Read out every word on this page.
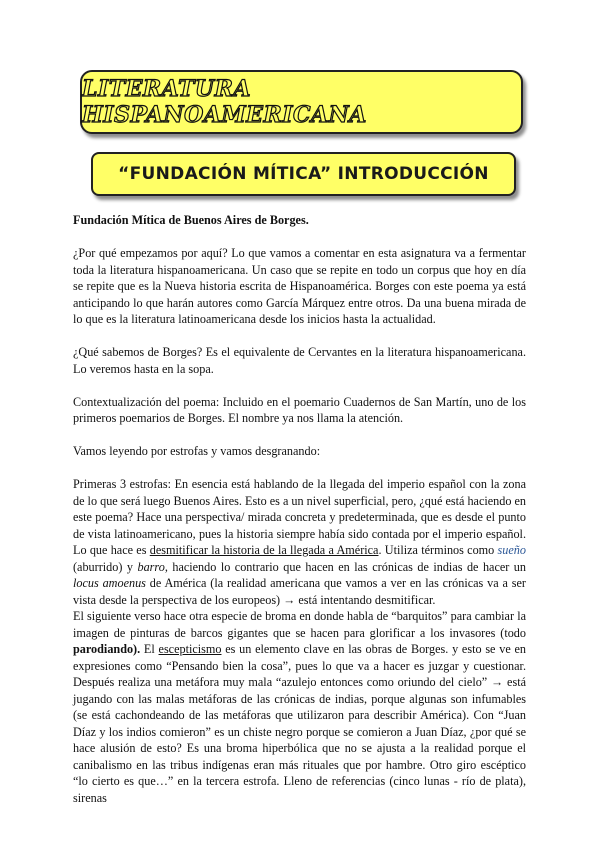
LITERATURA HISPANOAMERICANA
“FUNDACIÓN MÍTICA” INTRODUCCIÓN

Fundación Mítica de Buenos Aires de Borges.

¿Por qué empezamos por aquí? Lo que vamos a comentar en esta asignatura va a fermentar toda la literatura hispanoamericana. Un caso que se repite en todo un corpus que hoy en día se repite que es la Nueva historia escrita de Hispanoamérica. Borges con este poema ya está anticipando lo que harán autores como García Márquez entre otros. Da una buena mirada de lo que es la literatura latinoamericana desde los inicios hasta la actualidad.

¿Qué sabemos de Borges? Es el equivalente de Cervantes en la literatura hispanoamericana. Lo veremos hasta en la sopa.

Contextualización del poema: Incluido en el poemario Cuadernos de San Martín, uno de los primeros poemarios de Borges. El nombre ya nos llama la atención.

Vamos leyendo por estrofas y vamos desgranando:

Primeras 3 estrofas: En esencia está hablando de la llegada del imperio español con la zona de lo que será luego Buenos Aires. Esto es a un nivel superficial, pero, ¿qué está haciendo en este poema? Hace una perspectiva/ mirada concreta y predeterminada, que es desde el punto de vista latinoamericano, pues la historia siempre había sido contada por el imperio español. Lo que hace es desmitificar la historia de la llegada a América. Utiliza términos como sueño (aburrido) y barro, haciendo lo contrario que hacen en las crónicas de indias de hacer un locus amoenus de América (la realidad americana que vamos a ver en las crónicas va a ser vista desde la perspectiva de los europeos) → está intentando desmitificar.

El siguiente verso hace otra especie de broma en donde habla de “barquitos” para cambiar la imagen de pinturas de barcos gigantes que se hacen para glorificar a los invasores (todo parodiando). El escepticismo es un elemento clave en las obras de Borges. y esto se ve en expresiones como “Pensando bien la cosa”, pues lo que va a hacer es juzgar y cuestionar. Después realiza una metáfora muy mala “azulejo entonces como oriundo del cielo” → está jugando con las malas metáforas de las crónicas de indias, porque algunas son infumables (se está cachondeando de las metáforas que utilizaron para describir América). Con “Juan Díaz y los indios comieron” es un chiste negro porque se comieron a Juan Díaz, ¿por qué se hace alusión de esto? Es una broma hiperbólica que no se ajusta a la realidad porque el canibalismo en las tribus indígenas eran más rituales que por hambre. Otro giro escéptico “lo cierto es que…” en la tercera estrofa. Lleno de referencias (cinco lunas - río de plata), sirenas
